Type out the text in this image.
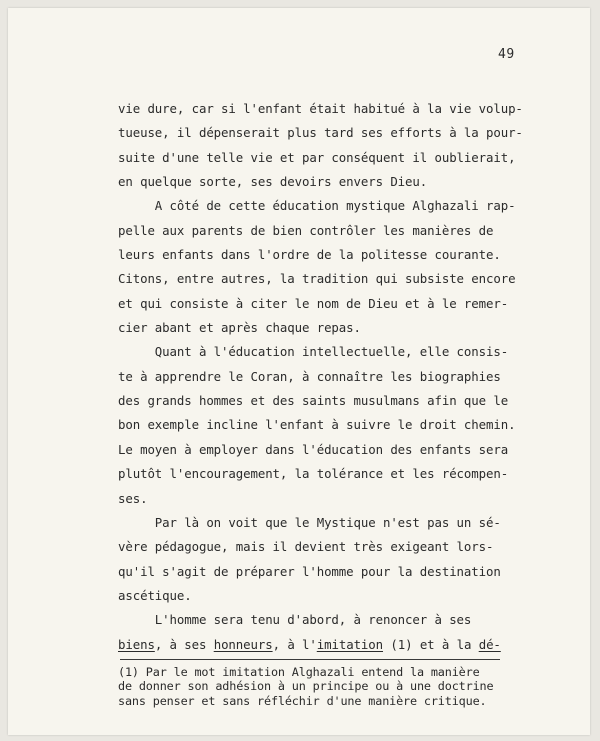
49
vie dure, car si l'enfant était habitué à la vie volup-
tueuse, il dépenserait plus tard ses efforts à la pour-
suite d'une telle vie et par conséquent il oublierait,
en quelque sorte, ses devoirs envers Dieu.
A côté de cette éducation mystique Alghazali rap-
pelle aux parents de bien contrôler les manières de
leurs enfants dans l'ordre de la politesse courante.
Citons, entre autres, la tradition qui subsiste encore
et qui consiste à citer le nom de Dieu et à le remer-
cier abant et après chaque repas.
Quant à l'éducation intellectuelle, elle consis-
te à apprendre le Coran, à connaître les biographies
des grands hommes et des saints musulmans afin que le
bon exemple incline l'enfant à suivre le droit chemin.
Le moyen à employer dans l'éducation des enfants sera
plutôt l'encouragement, la tolérance et les récompen-
ses.
Par là on voit que le Mystique n'est pas un sé-
vère pédagogue, mais il devient très exigeant lors-
qu'il s'agit de préparer l'homme pour la destination
ascétique.
L'homme sera tenu d'abord, à renoncer à ses
biens, à ses honneurs, à l'imitation (1) et à la dé-
(1) Par le mot imitation Alghazali entend la manière
de donner son adhésion à un principe ou à une doctrine
sans penser et sans réfléchir d'une manière critique.
